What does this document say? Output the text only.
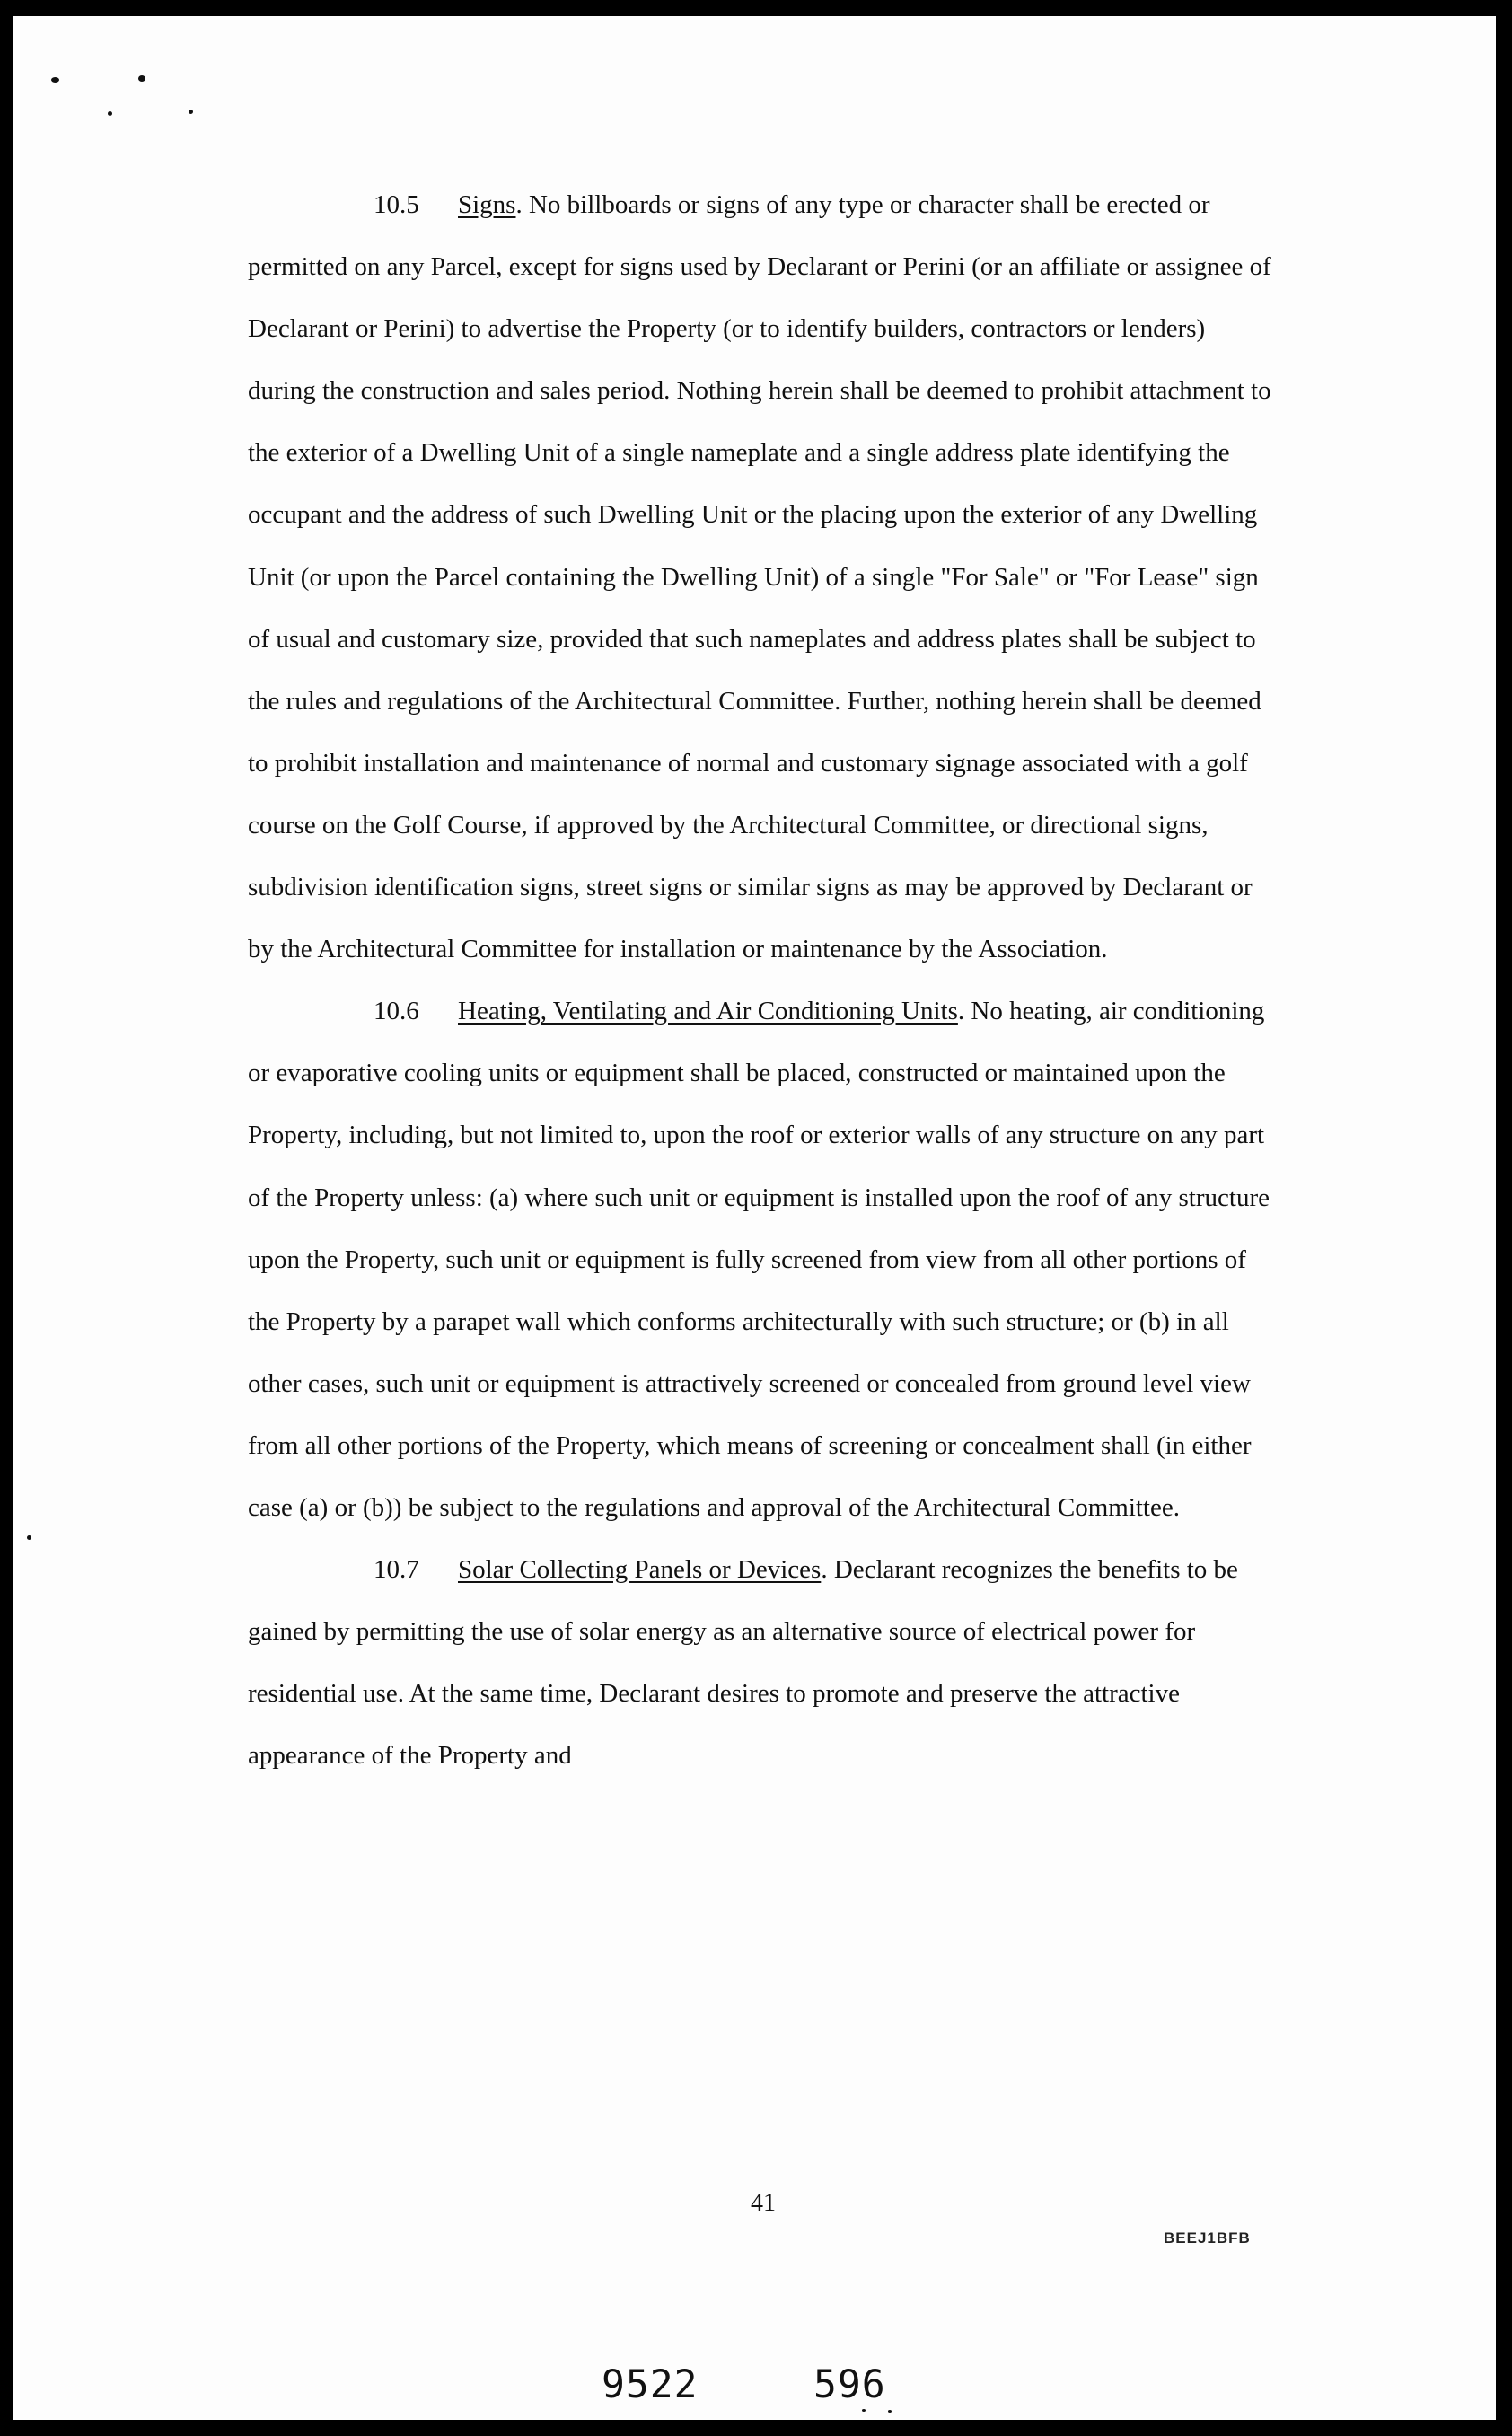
10.5 Signs. No billboards or signs of any type or character shall be erected or permitted on any Parcel, except for signs used by Declarant or Perini (or an affiliate or assignee of Declarant or Perini) to advertise the Property (or to identify builders, contractors or lenders) during the construction and sales period. Nothing herein shall be deemed to prohibit attachment to the exterior of a Dwelling Unit of a single nameplate and a single address plate identifying the occupant and the address of such Dwelling Unit or the placing upon the exterior of any Dwelling Unit (or upon the Parcel containing the Dwelling Unit) of a single "For Sale" or "For Lease" sign of usual and customary size, provided that such nameplates and address plates shall be subject to the rules and regulations of the Architectural Committee. Further, nothing herein shall be deemed to prohibit installation and maintenance of normal and customary signage associated with a golf course on the Golf Course, if approved by the Architectural Committee, or directional signs, subdivision identification signs, street signs or similar signs as may be approved by Declarant or by the Architectural Committee for installation or maintenance by the Association.

10.6 Heating, Ventilating and Air Conditioning Units. No heating, air conditioning or evaporative cooling units or equipment shall be placed, constructed or maintained upon the Property, including, but not limited to, upon the roof or exterior walls of any structure on any part of the Property unless: (a) where such unit or equipment is installed upon the roof of any structure upon the Property, such unit or equipment is fully screened from view from all other portions of the Property by a parapet wall which conforms architecturally with such structure; or (b) in all other cases, such unit or equipment is attractively screened or concealed from ground level view from all other portions of the Property, which means of screening or concealment shall (in either case (a) or (b)) be subject to the regulations and approval of the Architectural Committee.

10.7 Solar Collecting Panels or Devices. Declarant recognizes the benefits to be gained by permitting the use of solar energy as an alternative source of electrical power for residential use. At the same time, Declarant desires to promote and preserve the attractive appearance of the Property and

41
BEEJ1BFB
9522	596
